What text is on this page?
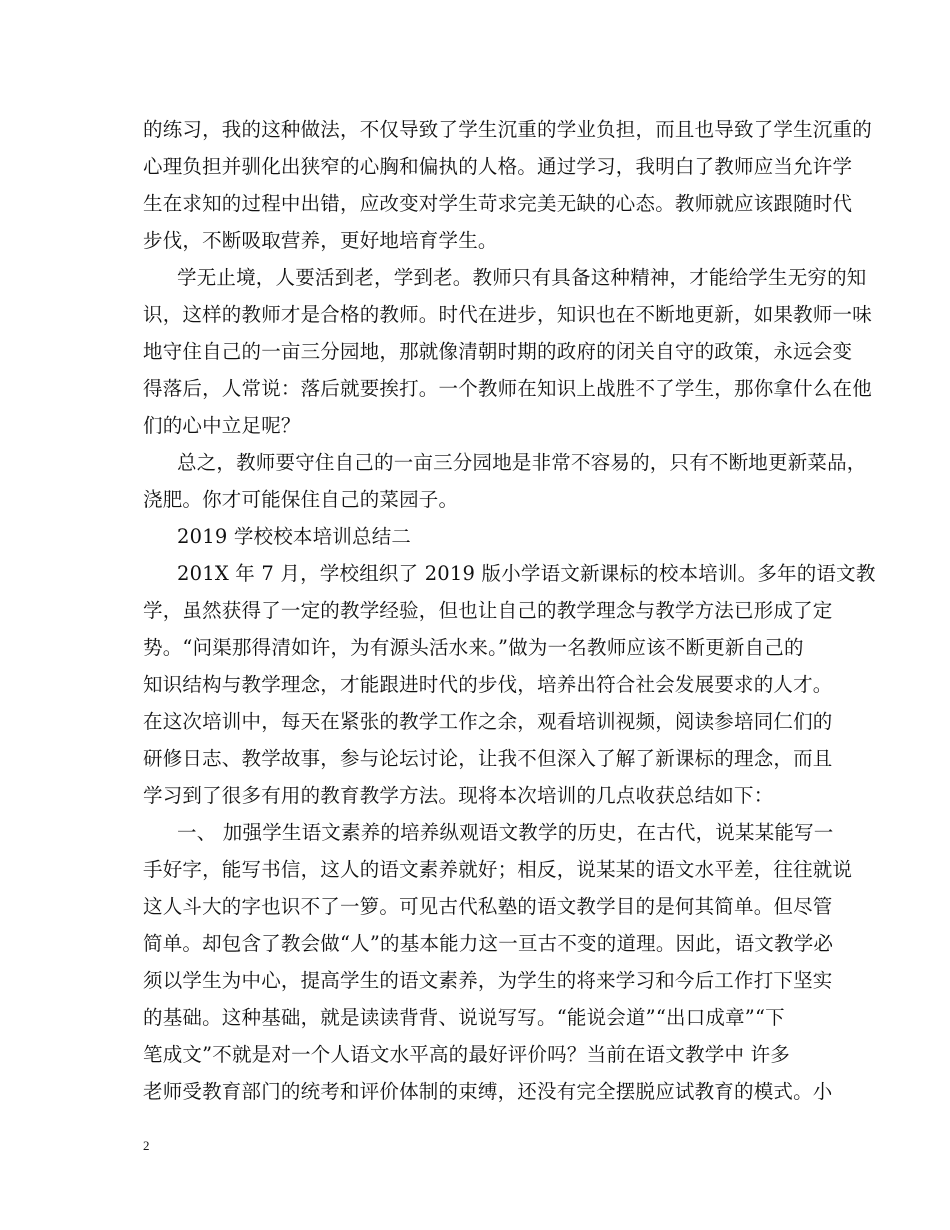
的练习，我的这种做法，不仅导致了学生沉重的学业负担，而且也导致了学生沉重的
心理负担并驯化出狭窄的心胸和偏执的人格。通过学习，我明白了教师应当允许学
生在求知的过程中出错，应改变对学生苛求完美无缺的心态。教师就应该跟随时代
步伐，不断吸取营养，更好地培育学生。
学无止境，人要活到老，学到老。教师只有具备这种精神，才能给学生无穷的知
识，这样的教师才是合格的教师。时代在进步，知识也在不断地更新，如果教师一味
地守住自己的一亩三分园地，那就像清朝时期的政府的闭关自守的政策，永远会变
得落后，人常说：落后就要挨打。一个教师在知识上战胜不了学生，那你拿什么在他
们的心中立足呢？
总之，教师要守住自己的一亩三分园地是非常不容易的，只有不断地更新菜品，
浇肥。你才可能保住自己的菜园子。
2019 学校校本培训总结二
201X 年 7 月，学校组织了 2019 版小学语文新课标的校本培训。多年的语文教
学，虽然获得了一定的教学经验，但也让自己的教学理念与教学方法已形成了定
势。“问渠那得清如许，为有源头活水来。”做为一名教师应该不断更新自己的
知识结构与教学理念，才能跟进时代的步伐，培养出符合社会发展要求的人才。
在这次培训中，每天在紧张的教学工作之余，观看培训视频，阅读参培同仁们的
研修日志、教学故事，参与论坛讨论，让我不但深入了解了新课标的理念，而且
学习到了很多有用的教育教学方法。现将本次培训的几点收获总结如下：
一、 加强学生语文素养的培养纵观语文教学的历史，在古代，说某某能写一
手好字，能写书信，这人的语文素养就好；相反，说某某的语文水平差，往往就说
这人斗大的字也识不了一箩。可见古代私塾的语文教学目的是何其简单。但尽管
简单。却包含了教会做“人”的基本能力这一亘古不变的道理。因此，语文教学必
须以学生为中心，提高学生的语文素养，为学生的将来学习和今后工作打下坚实
的基础。这种基础，就是读读背背、说说写写。“能说会道”“出口成章”“下
笔成文”不就是对一个人语文水平高的最好评价吗？当前在语文教学中 许多
老师受教育部门的统考和评价体制的束缚，还没有完全摆脱应试教育的模式。小
2
